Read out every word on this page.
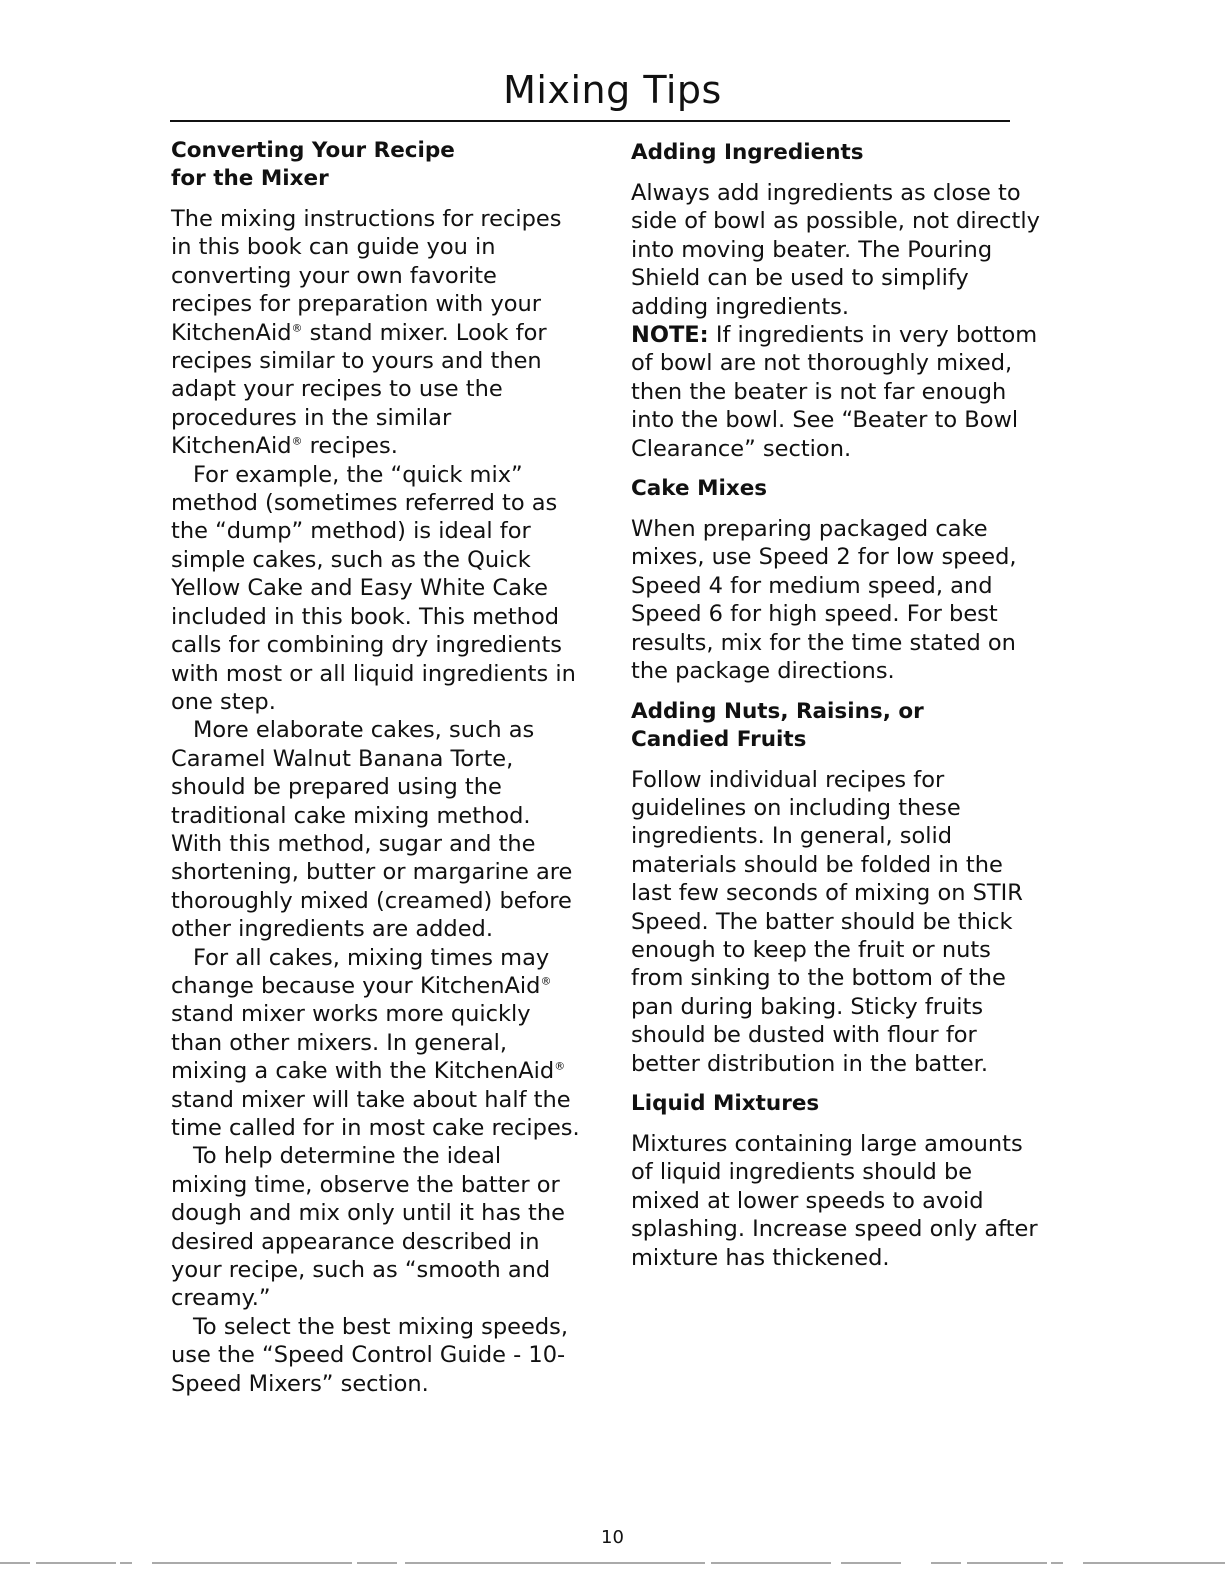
Mixing Tips
Converting Your Recipe
for the Mixer

The mixing instructions for recipes in this book can guide you in converting your own favorite recipes for preparation with your KitchenAid® stand mixer. Look for recipes similar to yours and then adapt your recipes to use the procedures in the similar KitchenAid® recipes.

For example, the “quick mix” method (sometimes referred to as the “dump” method) is ideal for simple cakes, such as the Quick Yellow Cake and Easy White Cake included in this book. This method calls for combining dry ingredients with most or all liquid ingredients in one step.

More elaborate cakes, such as Caramel Walnut Banana Torte, should be prepared using the traditional cake mixing method. With this method, sugar and the shortening, butter or margarine are thoroughly mixed (creamed) before other ingredients are added.

For all cakes, mixing times may change because your KitchenAid® stand mixer works more quickly than other mixers. In general, mixing a cake with the KitchenAid® stand mixer will take about half the time called for in most cake recipes.

To help determine the ideal mixing time, observe the batter or dough and mix only until it has the desired appearance described in your recipe, such as “smooth and creamy.”

To select the best mixing speeds, use the “Speed Control Guide - 10-Speed Mixers” section.

Adding Ingredients
Always add ingredients as close to side of bowl as possible, not directly into moving beater. The Pouring Shield can be used to simplify adding ingredients.
NOTE: If ingredients in very bottom of bowl are not thoroughly mixed, then the beater is not far enough into the bowl. See “Beater to Bowl Clearance” section.
Cake Mixes
When preparing packaged cake mixes, use Speed 2 for low speed, Speed 4 for medium speed, and Speed 6 for high speed. For best results, mix for the time stated on the package directions.
Adding Nuts, Raisins, or
Candied Fruits
Follow individual recipes for guidelines on including these ingredients. In general, solid materials should be folded in the last few seconds of mixing on STIR Speed. The batter should be thick enough to keep the fruit or nuts from sinking to the bottom of the pan during baking. Sticky fruits should be dusted with flour for better distribution in the batter.
Liquid Mixtures
Mixtures containing large amounts of liquid ingredients should be mixed at lower speeds to avoid splashing. Increase speed only after mixture has thickened.
10
